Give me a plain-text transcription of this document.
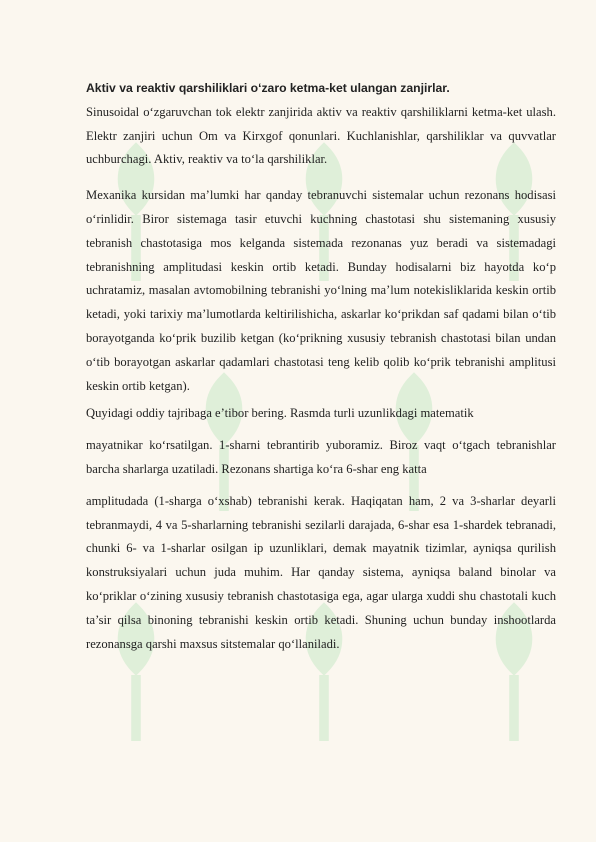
Aktiv va reaktiv qarshiliklari o‘zaro ketma-ket ulangan zanjirlar.

Sinusoidal o‘zgaruvchan tok elektr zanjirida aktiv va reaktiv qarshiliklarni ketma-ket ulash. Elektr zanjiri uchun Om va Kirxgof qonunlari. Kuchlanishlar, qarshiliklar va quvvatlar uchburchagi. Aktiv, reaktiv va to‘la qarshiliklar.

Mexanika kursidan ma’lumki har qanday tebranuvchi sistemalar uchun rezonans hodisasi o‘rinlidir. Biror sistemaga tasir etuvchi kuchning chastotasi shu sistemaning xususiy tebranish chastotasiga mos kelganda sistemada rezonanas yuz beradi va sistemadagi tebranishning amplitudasi keskin ortib ketadi. Bunday hodisalarni biz hayotda ko‘p uchratamiz, masalan avtomobilning tebranishi yo‘lning ma’lum notekisliklarida keskin ortib ketadi, yoki tarixiy ma’lumotlarda keltirilishicha, askarlar ko‘prikdan saf qadami bilan o‘tib borayotganda ko‘prik buzilib ketgan (ko‘prikning xususiy tebranish chastotasi bilan undan o‘tib borayotgan askarlar qadamlari chastotasi teng kelib qolib ko‘prik tebranishi amplitusi keskin ortib ketgan).

Quyidagi oddiy tajribaga e’tibor bering. Rasmda turli uzunlikdagi matematik

mayatnikar ko‘rsatilgan. 1-sharni tebrantirib yuboramiz. Biroz vaqt o‘tgach tebranishlar barcha sharlarga uzatiladi. Rezonans shartiga ko‘ra 6-shar eng katta

amplitudada (1-sharga o‘xshab) tebranishi kerak. Haqiqatan ham, 2 va 3-sharlar deyarli tebranmaydi, 4 va 5-sharlarning tebranishi sezilarli darajada, 6-shar esa 1-shardek tebranadi, chunki 6- va 1-sharlar osilgan ip uzunliklari, demak mayatnik tizimlar, ayniqsa qurilish konstruksiyalari uchun juda muhim. Har qanday sistema, ayniqsa baland binolar va ko‘priklar o‘zining xususiy tebranish chastotasiga ega, agar ularga xuddi shu chastotali kuch ta’sir qilsa binoning tebranishi keskin ortib ketadi. Shuning uchun bunday inshootlarda rezonansga qarshi maxsus sitstemalar qo‘llaniladi.
